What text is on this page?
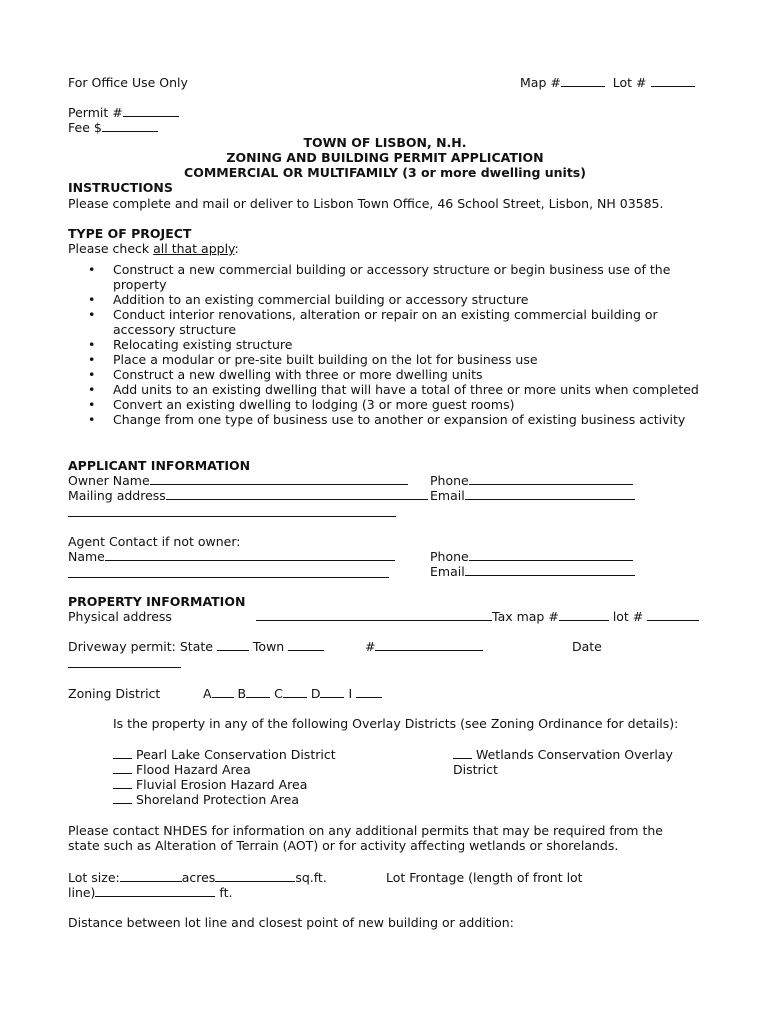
For Office Use Only	Map #	Lot #
Permit #
Fee $
TOWN OF LISBON, N.H.
ZONING AND BUILDING PERMIT APPLICATION
COMMERCIAL OR MULTIFAMILY (3 or more dwelling units)
INSTRUCTIONS
Please complete and mail or deliver to Lisbon Town Office, 46 School Street, Lisbon, NH 03585.
TYPE OF PROJECT
Please check all that apply:
• Construct a new commercial building or accessory structure or begin business use of the property
• Addition to an existing commercial building or accessory structure
• Conduct interior renovations, alteration or repair on an existing commercial building or accessory structure
• Relocating existing structure
• Place a modular or pre-site built building on the lot for business use
• Construct a new dwelling with three or more dwelling units
• Add units to an existing dwelling that will have a total of three or more units when completed
• Convert an existing dwelling to lodging (3 or more guest rooms)
• Change from one type of business use to another or expansion of existing business activity
APPLICANT INFORMATION
Owner Name	Phone
Mailing address	Email
Agent Contact if not owner:
Name	Phone
Email
PROPERTY INFORMATION
Physical address	Tax map #	lot #
Driveway permit: State	Town	#	Date
Zoning District	A B C D I
Is the property in any of the following Overlay Districts (see Zoning Ordinance for details):
Pearl Lake Conservation District
Flood Hazard Area
Fluvial Erosion Hazard Area
Shoreland Protection Area
Wetlands Conservation Overlay
District
Please contact NHDES for information on any additional permits that may be required from the
state such as Alteration of Terrain (AOT) or for activity affecting wetlands or shorelands.
Lot size:	acres	sq.ft.	Lot Frontage (length of front lot
line)	ft.
Distance between lot line and closest point of new building or addition:
